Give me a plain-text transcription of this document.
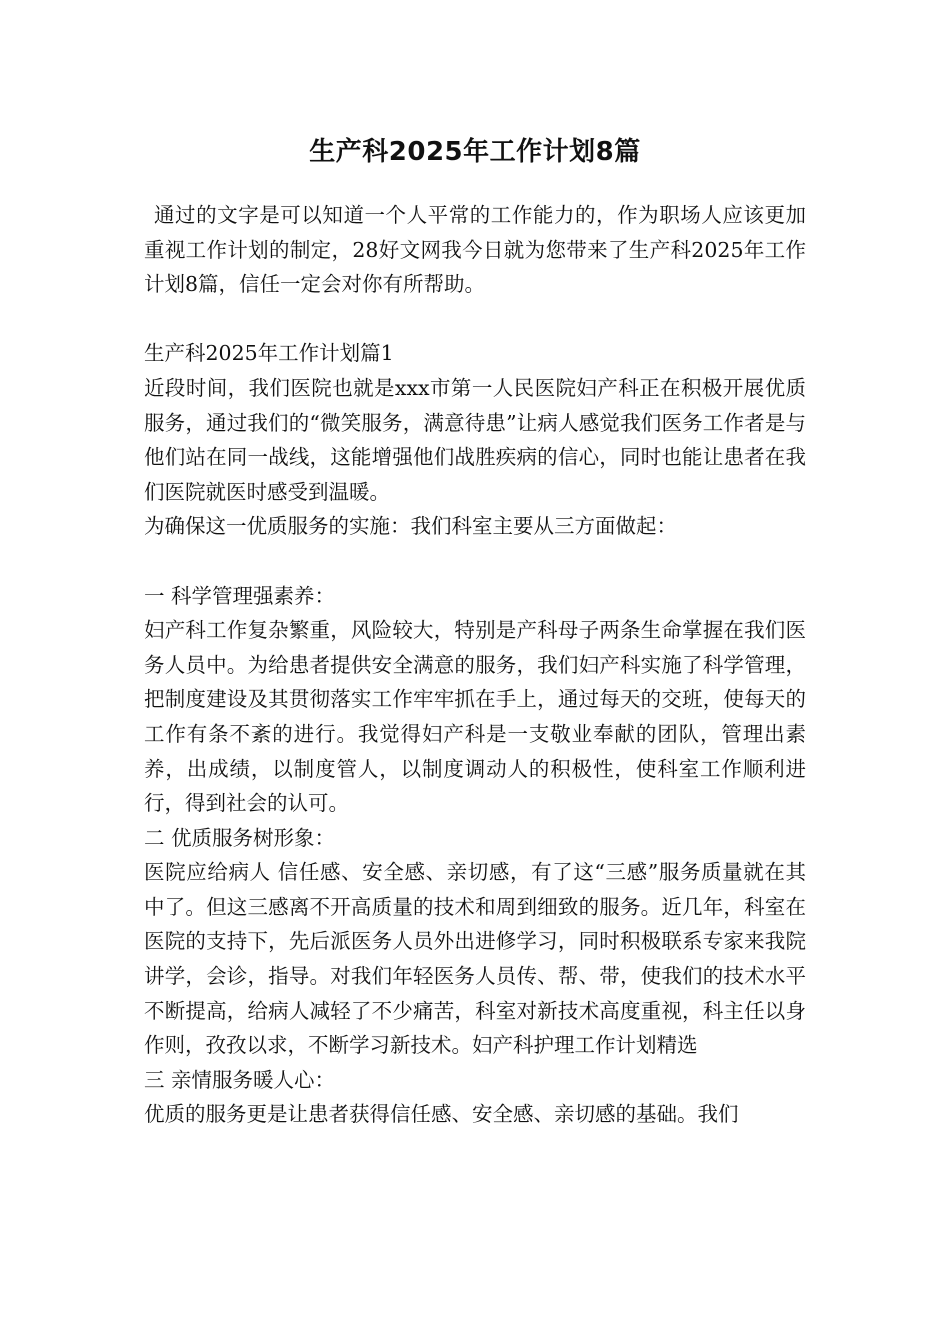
生产科2025年工作计划8篇

通过的文字是可以知道一个人平常的工作能力的，作为职场人应该更加重视工作计划的制定，28好文网我今日就为您带来了生产科2025年工作计划8篇，信任一定会对你有所帮助。

生产科2025年工作计划篇1

近段时间，我们医院也就是xxx市第一人民医院妇产科正在积极开展优质服务，通过我们的“微笑服务，满意待患”让病人感觉我们医务工作者是与他们站在同一战线，这能增强他们战胜疾病的信心，同时也能让患者在我们医院就医时感受到温暖。

为确保这一优质服务的实施：我们科室主要从三方面做起：

一 科学管理强素养：

妇产科工作复杂繁重，风险较大，特别是产科母子两条生命掌握在我们医务人员中。为给患者提供安全满意的服务，我们妇产科实施了科学管理，把制度建设及其贯彻落实工作牢牢抓在手上，通过每天的交班，使每天的工作有条不紊的进行。我觉得妇产科是一支敬业奉献的团队，管理出素养，出成绩，以制度管人，以制度调动人的积极性，使科室工作顺利进行，得到社会的认可。

二 优质服务树形象：

医院应给病人 信任感、安全感、亲切感，有了这“三感”服务质量就在其中了。但这三感离不开高质量的技术和周到细致的服务。近几年，科室在医院的支持下，先后派医务人员外出进修学习，同时积极联系专家来我院讲学，会诊，指导。对我们年轻医务人员传、帮、带，使我们的技术水平不断提高，给病人减轻了不少痛苦，科室对新技术高度重视，科主任以身作则，孜孜以求，不断学习新技术。妇产科护理工作计划精选

三 亲情服务暖人心：

优质的服务更是让患者获得信任感、安全感、亲切感的基础。我们
